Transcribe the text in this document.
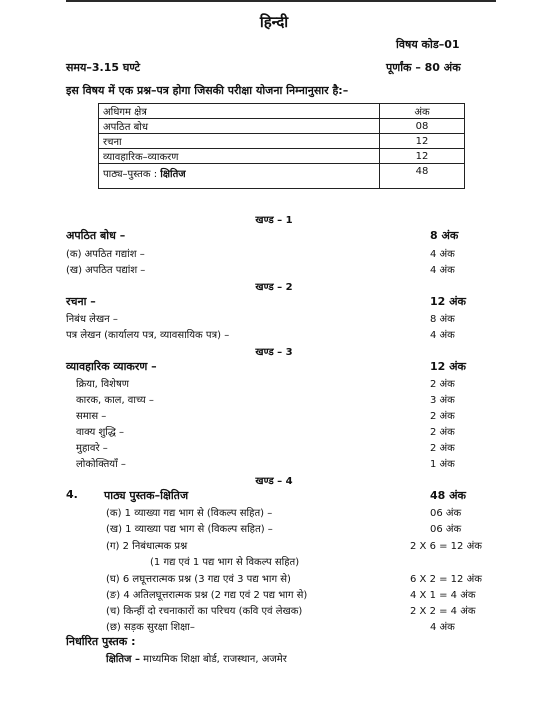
हिन्दी
विषय कोड–01
समय–3.15 घण्टे	पूर्णांक – 80 अंक
इस विषय में एक प्रश्न–पत्र होगा जिसकी परीक्षा योजना निम्नानुसार है:–
अधिगम क्षेत्र	अंक
अपठित बोध	08
रचना	12
व्यावहारिक–व्याकरण	12
पाठ्य–पुस्तक : क्षितिज	48
खण्ड – 1
अपठित बोध –	8 अंक
(क) अपठित गद्यांश –	4 अंक
(ख) अपठित पद्यांश –	4 अंक
खण्ड – 2
रचना –	12 अंक
निबंध लेखन –	8 अंक
पत्र लेखन (कार्यालय पत्र, व्यावसायिक पत्र) –	4 अंक
खण्ड – 3
व्यावहारिक व्याकरण –	12 अंक
क्रिया, विशेषण	2 अंक
कारक, काल, वाच्य –	3 अंक
समास –	2 अंक
वाक्य शुद्धि –	2 अंक
मुहावरे –	2 अंक
लोकोक्तियाँ –	1 अंक
खण्ड – 4
4. पाठ्य पुस्तक–क्षितिज	48 अंक
(क) 1 व्याख्या गद्य भाग से (विकल्प सहित) –	06 अंक
(ख) 1 व्याख्या पद्य भाग से (विकल्प सहित) –	06 अंक
(ग) 2 निबंधात्मक प्रश्न	2 X 6 = 12 अंक
(1 गद्य एवं 1 पद्य भाग से विकल्प सहित)
(घ) 6 लघूत्तरात्मक प्रश्न (3 गद्य एवं 3 पद्य भाग से)	6 X 2 = 12 अंक
(ङ) 4 अतिलघूत्तरात्मक प्रश्न (2 गद्य एवं 2 पद्य भाग से)	4 X 1 = 4 अंक
(च) किन्हीं दो रचनाकारों का परिचय (कवि एवं लेखक)	2 X 2 = 4 अंक
(छ) सड़क सुरक्षा शिक्षा–	4 अंक
निर्धारित पुस्तक :
क्षितिज – माध्यमिक शिक्षा बोर्ड, राजस्थान, अजमेर
